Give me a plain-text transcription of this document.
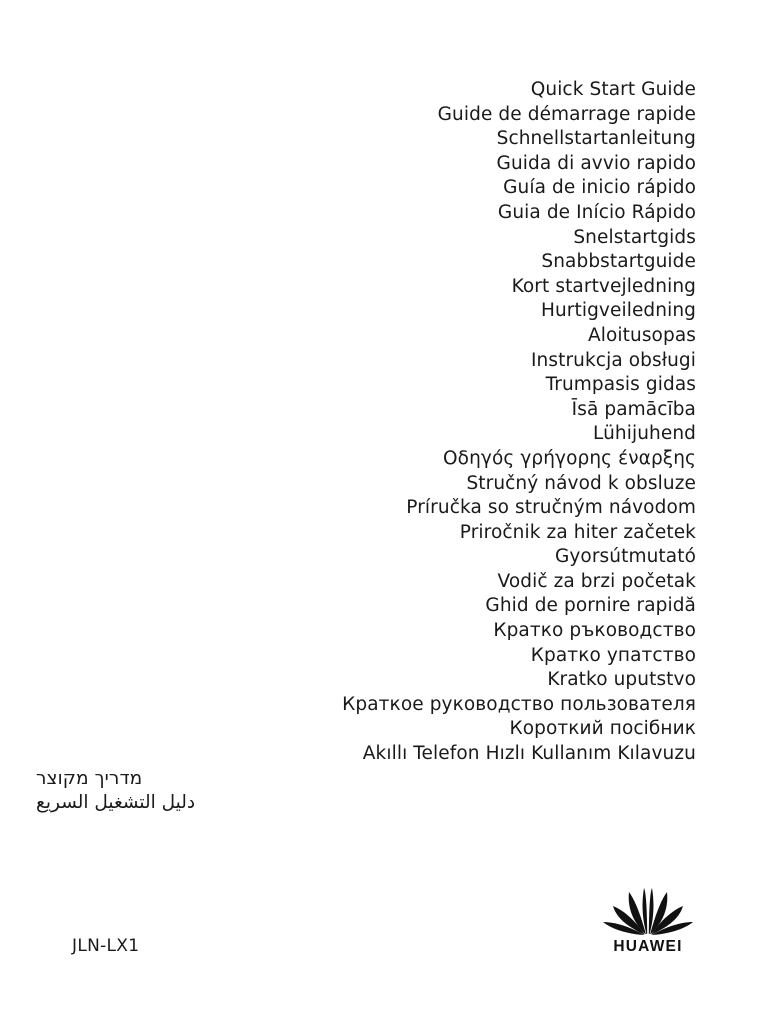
Quick Start Guide
Guide de démarrage rapide
Schnellstartanleitung
Guida di avvio rapido
Guía de inicio rápido
Guia de Início Rápido
Snelstartgids
Snabbstartguide
Kort startvejledning
Hurtigveiledning
Aloitusopas
Instrukcja obsługi
Trumpasis gidas
Īsā pamācība
Lühijuhend
Οδηγός γρήγορης έναρξης
Stručný návod k obsluze
Príručka so stručným návodom
Priročnik za hiter začetek
Gyorsútmutató
Vodič za brzi početak
Ghid de pornire rapidă
Кратко ръководство
Кратко упатство
Kratko uputstvo
Краткое руководство пользователя
Короткий посібник
Akıllı Telefon Hızlı Kullanım Kılavuzu
מדריך מקוצר
دليل التشغيل السريع
JLN-LX1	HUAWEI
